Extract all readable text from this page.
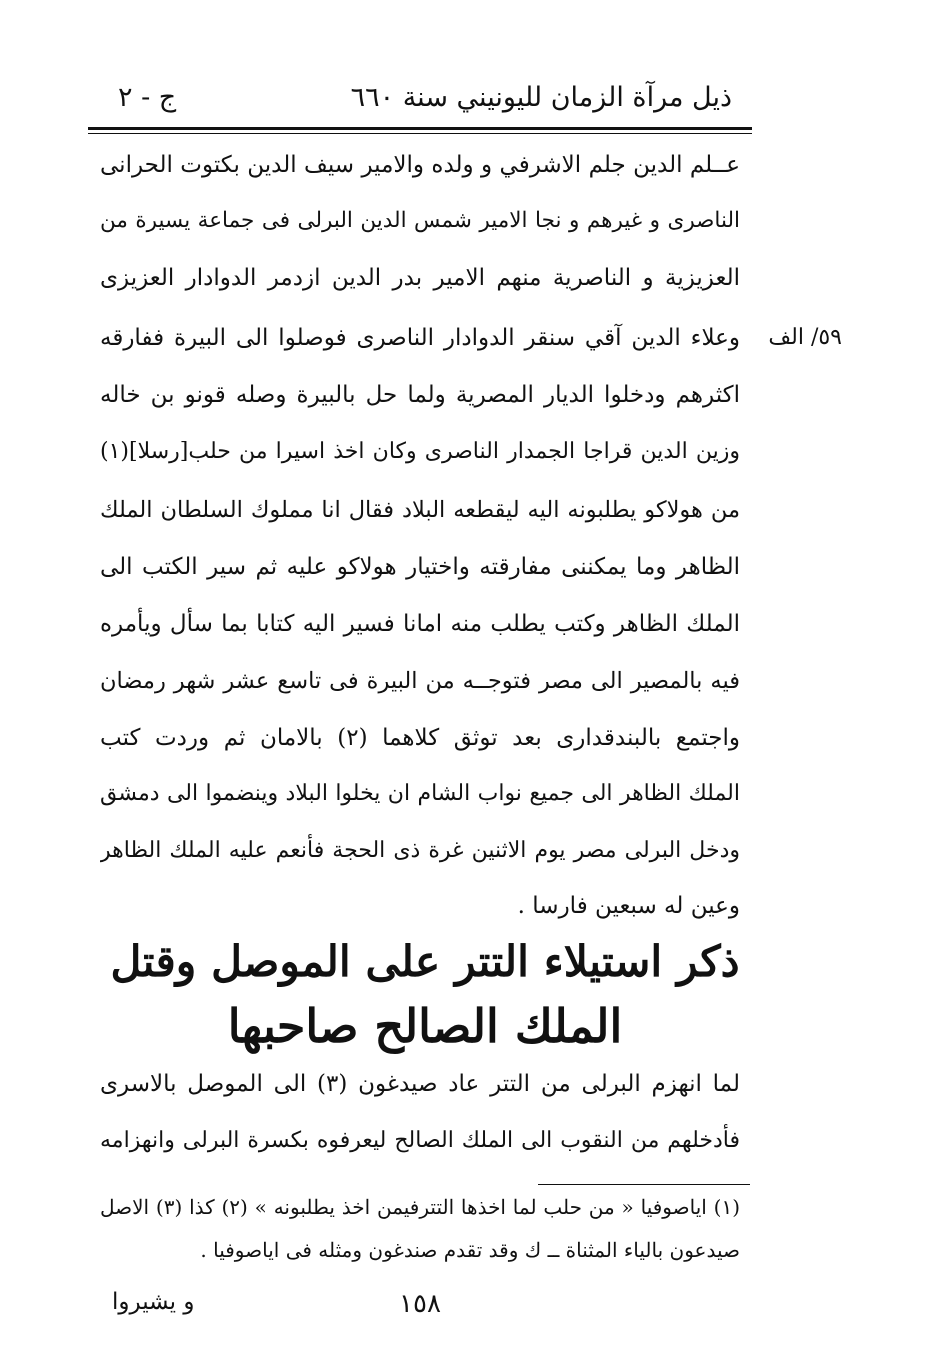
ذيل مرآة الزمان لليونيني سنة ٦٦٠
ج - ٢
٥٩/ الف
عــلم الدين جلم الاشرفي و ولده والامير سيف الدين بكتوت الحرانى
الناصرى و غيرهم و نجا الامير شمس الدين البرلى فى جماعة يسيرة من
العزيزية و الناصرية منهم الامير بدر الدين ازدمر الدوادار العزيزى
وعلاء الدين آقي سنقر الدوادار الناصرى فوصلوا الى البيرة ففارقه
اكثرهم ودخلوا الديار المصرية ولما حل بالبيرة وصله قونو بن خاله
وزين الدين قراجا الجمدار الناصرى وكان اخذ اسيرا من حلب[رسلا](١)
من هولاكو يطلبونه اليه ليقطعه البلاد فقال انا مملوك السلطان الملك
الظاهر وما يمكننى مفارقته واختيار هولاكو عليه ثم سير الكتب الى
الملك الظاهر وكتب يطلب منه امانا فسير اليه كتابا بما سأل ويأمره
فيه بالمصير الى مصر فتوجــه من البيرة فى تاسع عشر شهر رمضان
واجتمع بالبندقدارى بعد توثق كلاهما (٢) بالامان ثم وردت كتب
الملك الظاهر الى جميع نواب الشام ان يخلوا البلاد وينضموا الى دمشق
ودخل البرلى مصر يوم الاثنين غرة ذى الحجة فأنعم عليه الملك الظاهر
وعين له سبعين فارسا .
ذكر استيلاء التتر على الموصل وقتل
الملك الصالح صاحبها
لما انهزم البرلى من التتر عاد صيدغون (٣) الى الموصل بالاسرى
فأدخلهم من النقوب الى الملك الصالح ليعرفوه بكسرة البرلى وانهزامه
(١) اياصوفيا « من حلب لما اخذها التترفيمن اخذ يطلبونه » (٢) كذا (٣) الاصل
صيدعون بالياء المثناة ــ ك وقد تقدم صندغون ومثله فى اياصوفيا .
١٥٨
و يشيروا
